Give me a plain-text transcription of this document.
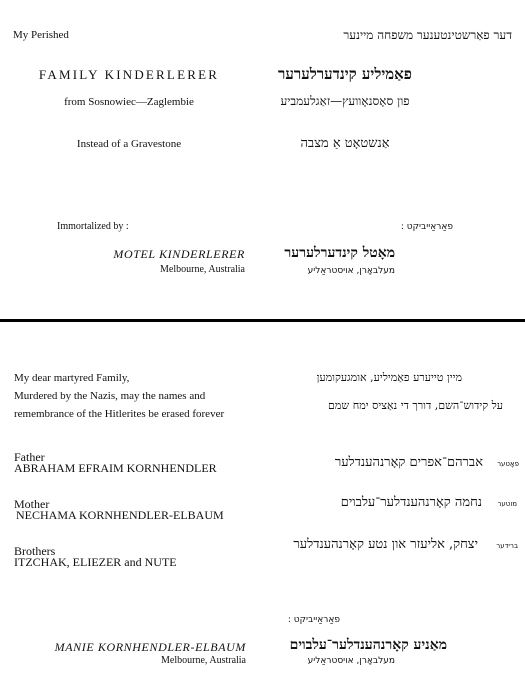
My Perished	דער פאַרשטינטענער משפחה מיינער
FAMILY KINDERLERER	פאַמיליע קינדערלערער
from Sosnowiec—Zaglembie	פון סאָסנאָוועץ—זאַגלעמביע
Instead of a Gravestone	אַנשטאָט אַ מצבה
Immortalized by :	פאַראַייביקט :
MOTEL KINDERLERER	מאָטל קינדערלערער
Melbourne, Australia	מעלבאָרן, אויסטראַליע
My dear martyred Family,
Murdered by the Nazis, may the names and
remembrance of the Hitlerites be erased forever
מיין טייערע פאַמיליע, אומגעקומען
על קידוש־השם, דורך די נאַציס ימח שמם
Father
ABRAHAM EFRAIM KORNHENDLER	אברהם־אפרים קאָרנהענדלער	פאָטער
Mother
NECHAMA KORNHENDLER-ELBAUM
נחמה קאָרנהענדלער־עלבוים	מוטער
Brothers
ITZCHAK, ELIEZER and NUTE
יצחק, אליעזר און נטע קאָרנהענדלער	ברידער
פאַראַייביקט :
MANIE KORNHENDLER-ELBAUM	מאַניע קאָרנהענדלער־עלבוים
Melbourne, Australia	מעלבאָרן, אויסטראַליע
